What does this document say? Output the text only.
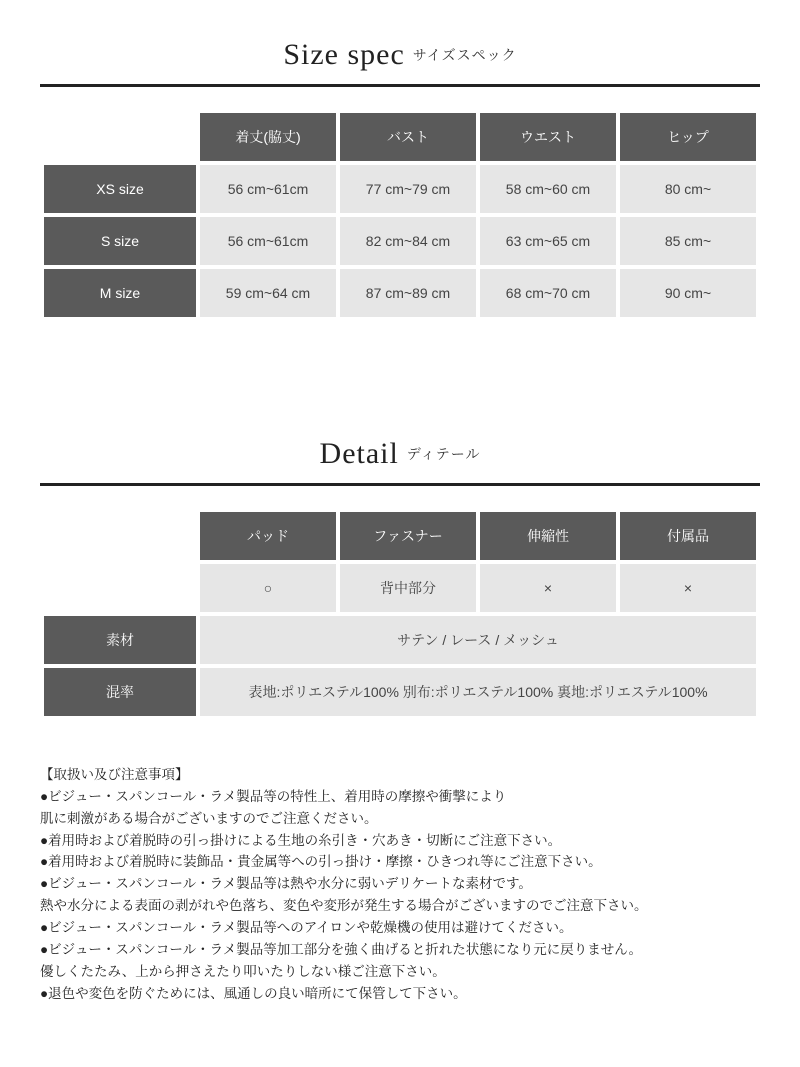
Size spec サイズスペック
	着丈(脇丈)	バスト	ウエスト	ヒップ
XS size	56 cm~61cm	77 cm~79 cm	58 cm~60 cm	80 cm~
S size	56 cm~61cm	82 cm~84 cm	63 cm~65 cm	85 cm~
M size	59 cm~64 cm	87 cm~89 cm	68 cm~70 cm	90 cm~
Detail ディテール
	パッド	ファスナー	伸縮性	付属品
	○	背中部分	×	×
素材	サテン / レース / メッシュ			
混率	表地:ポリエステル100% 別布:ポリエステル100% 裏地:ポリエステル100%			
【取扱い及び注意事項】
●ビジュー・スパンコール・ラメ製品等の特性上、着用時の摩擦や衝撃により
肌に刺激がある場合がございますのでご注意ください。
●着用時および着脱時の引っ掛けによる生地の糸引き・穴あき・切断にご注意下さい。
●着用時および着脱時に装飾品・貴金属等への引っ掛け・摩擦・ひきつれ等にご注意下さい。
●ビジュー・スパンコール・ラメ製品等は熱や水分に弱いデリケートな素材です。
熱や水分による表面の剥がれや色落ち、変色や変形が発生する場合がございますのでご注意下さい。
●ビジュー・スパンコール・ラメ製品等へのアイロンや乾燥機の使用は避けてください。
●ビジュー・スパンコール・ラメ製品等加工部分を強く曲げると折れた状態になり元に戻りません。
優しくたたみ、上から押さえたり叩いたりしない様ご注意下さい。
●退色や変色を防ぐためには、風通しの良い暗所にて保管して下さい。
